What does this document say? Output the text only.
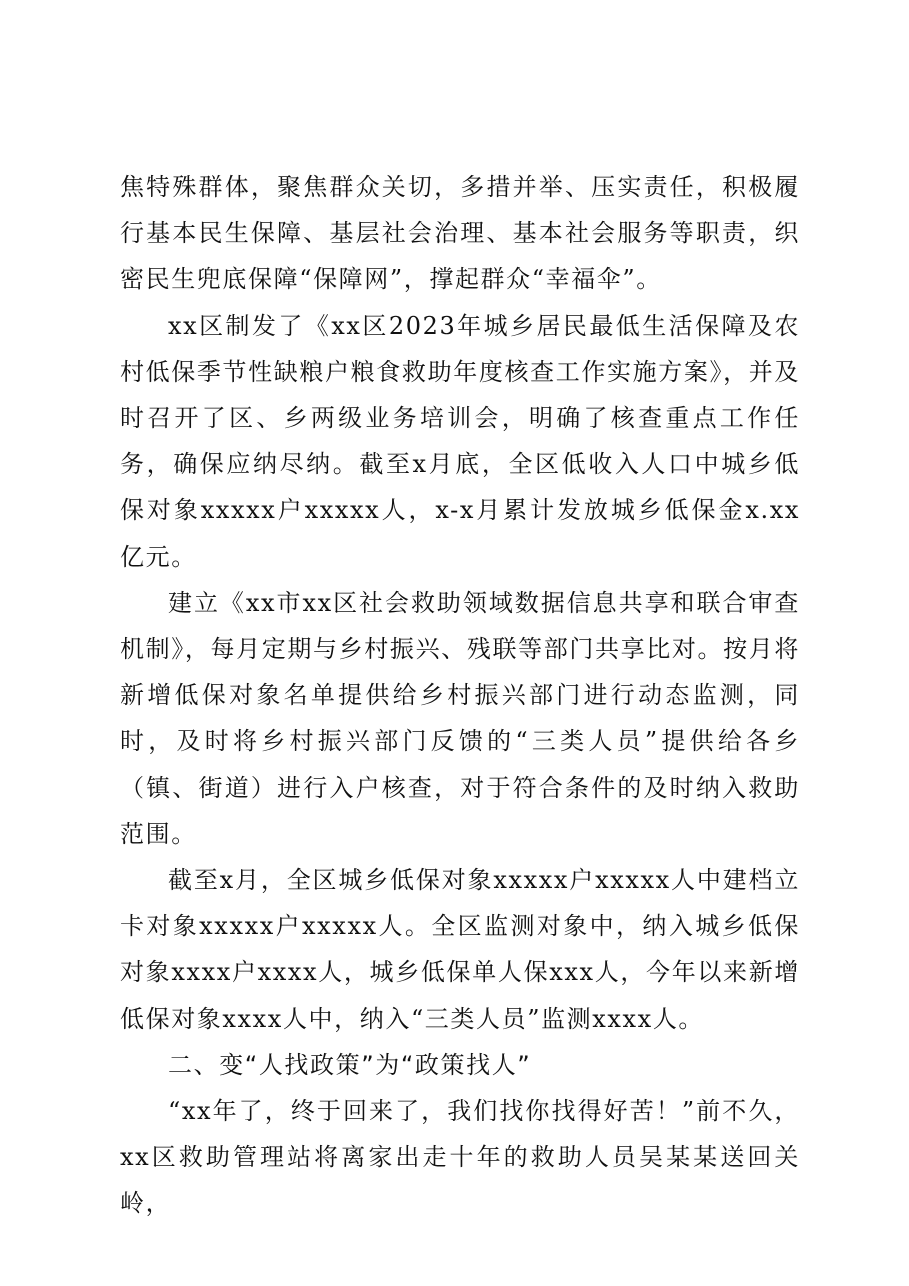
焦特殊群体，聚焦群众关切，多措并举、压实责任，积极履行基本民生保障、基层社会治理、基本社会服务等职责，织密民生兜底保障“保障网”，撑起群众“幸福伞”。

xx区制发了《xx区2023年城乡居民最低生活保障及农村低保季节性缺粮户粮食救助年度核查工作实施方案》，并及时召开了区、乡两级业务培训会，明确了核查重点工作任务，确保应纳尽纳。截至x月底，全区低收入人口中城乡低保对象xxxxx户xxxxx人，x-x月累计发放城乡低保金x.xx亿元。

建立《xx市xx区社会救助领域数据信息共享和联合审查机制》，每月定期与乡村振兴、残联等部门共享比对。按月将新增低保对象名单提供给乡村振兴部门进行动态监测，同时，及时将乡村振兴部门反馈的“三类人员”提供给各乡（镇、街道）进行入户核查，对于符合条件的及时纳入救助范围。

截至x月，全区城乡低保对象xxxxx户xxxxx人中建档立卡对象xxxxx户xxxxx人。全区监测对象中，纳入城乡低保对象xxxx户xxxx人，城乡低保单人保xxx人，今年以来新增低保对象xxxx人中，纳入“三类人员”监测xxxx人。

二、变“人找政策”为“政策找人”

“xx年了，终于回来了，我们找你找得好苦！”前不久，xx区救助管理站将离家出走十年的救助人员吴某某送回关岭，
